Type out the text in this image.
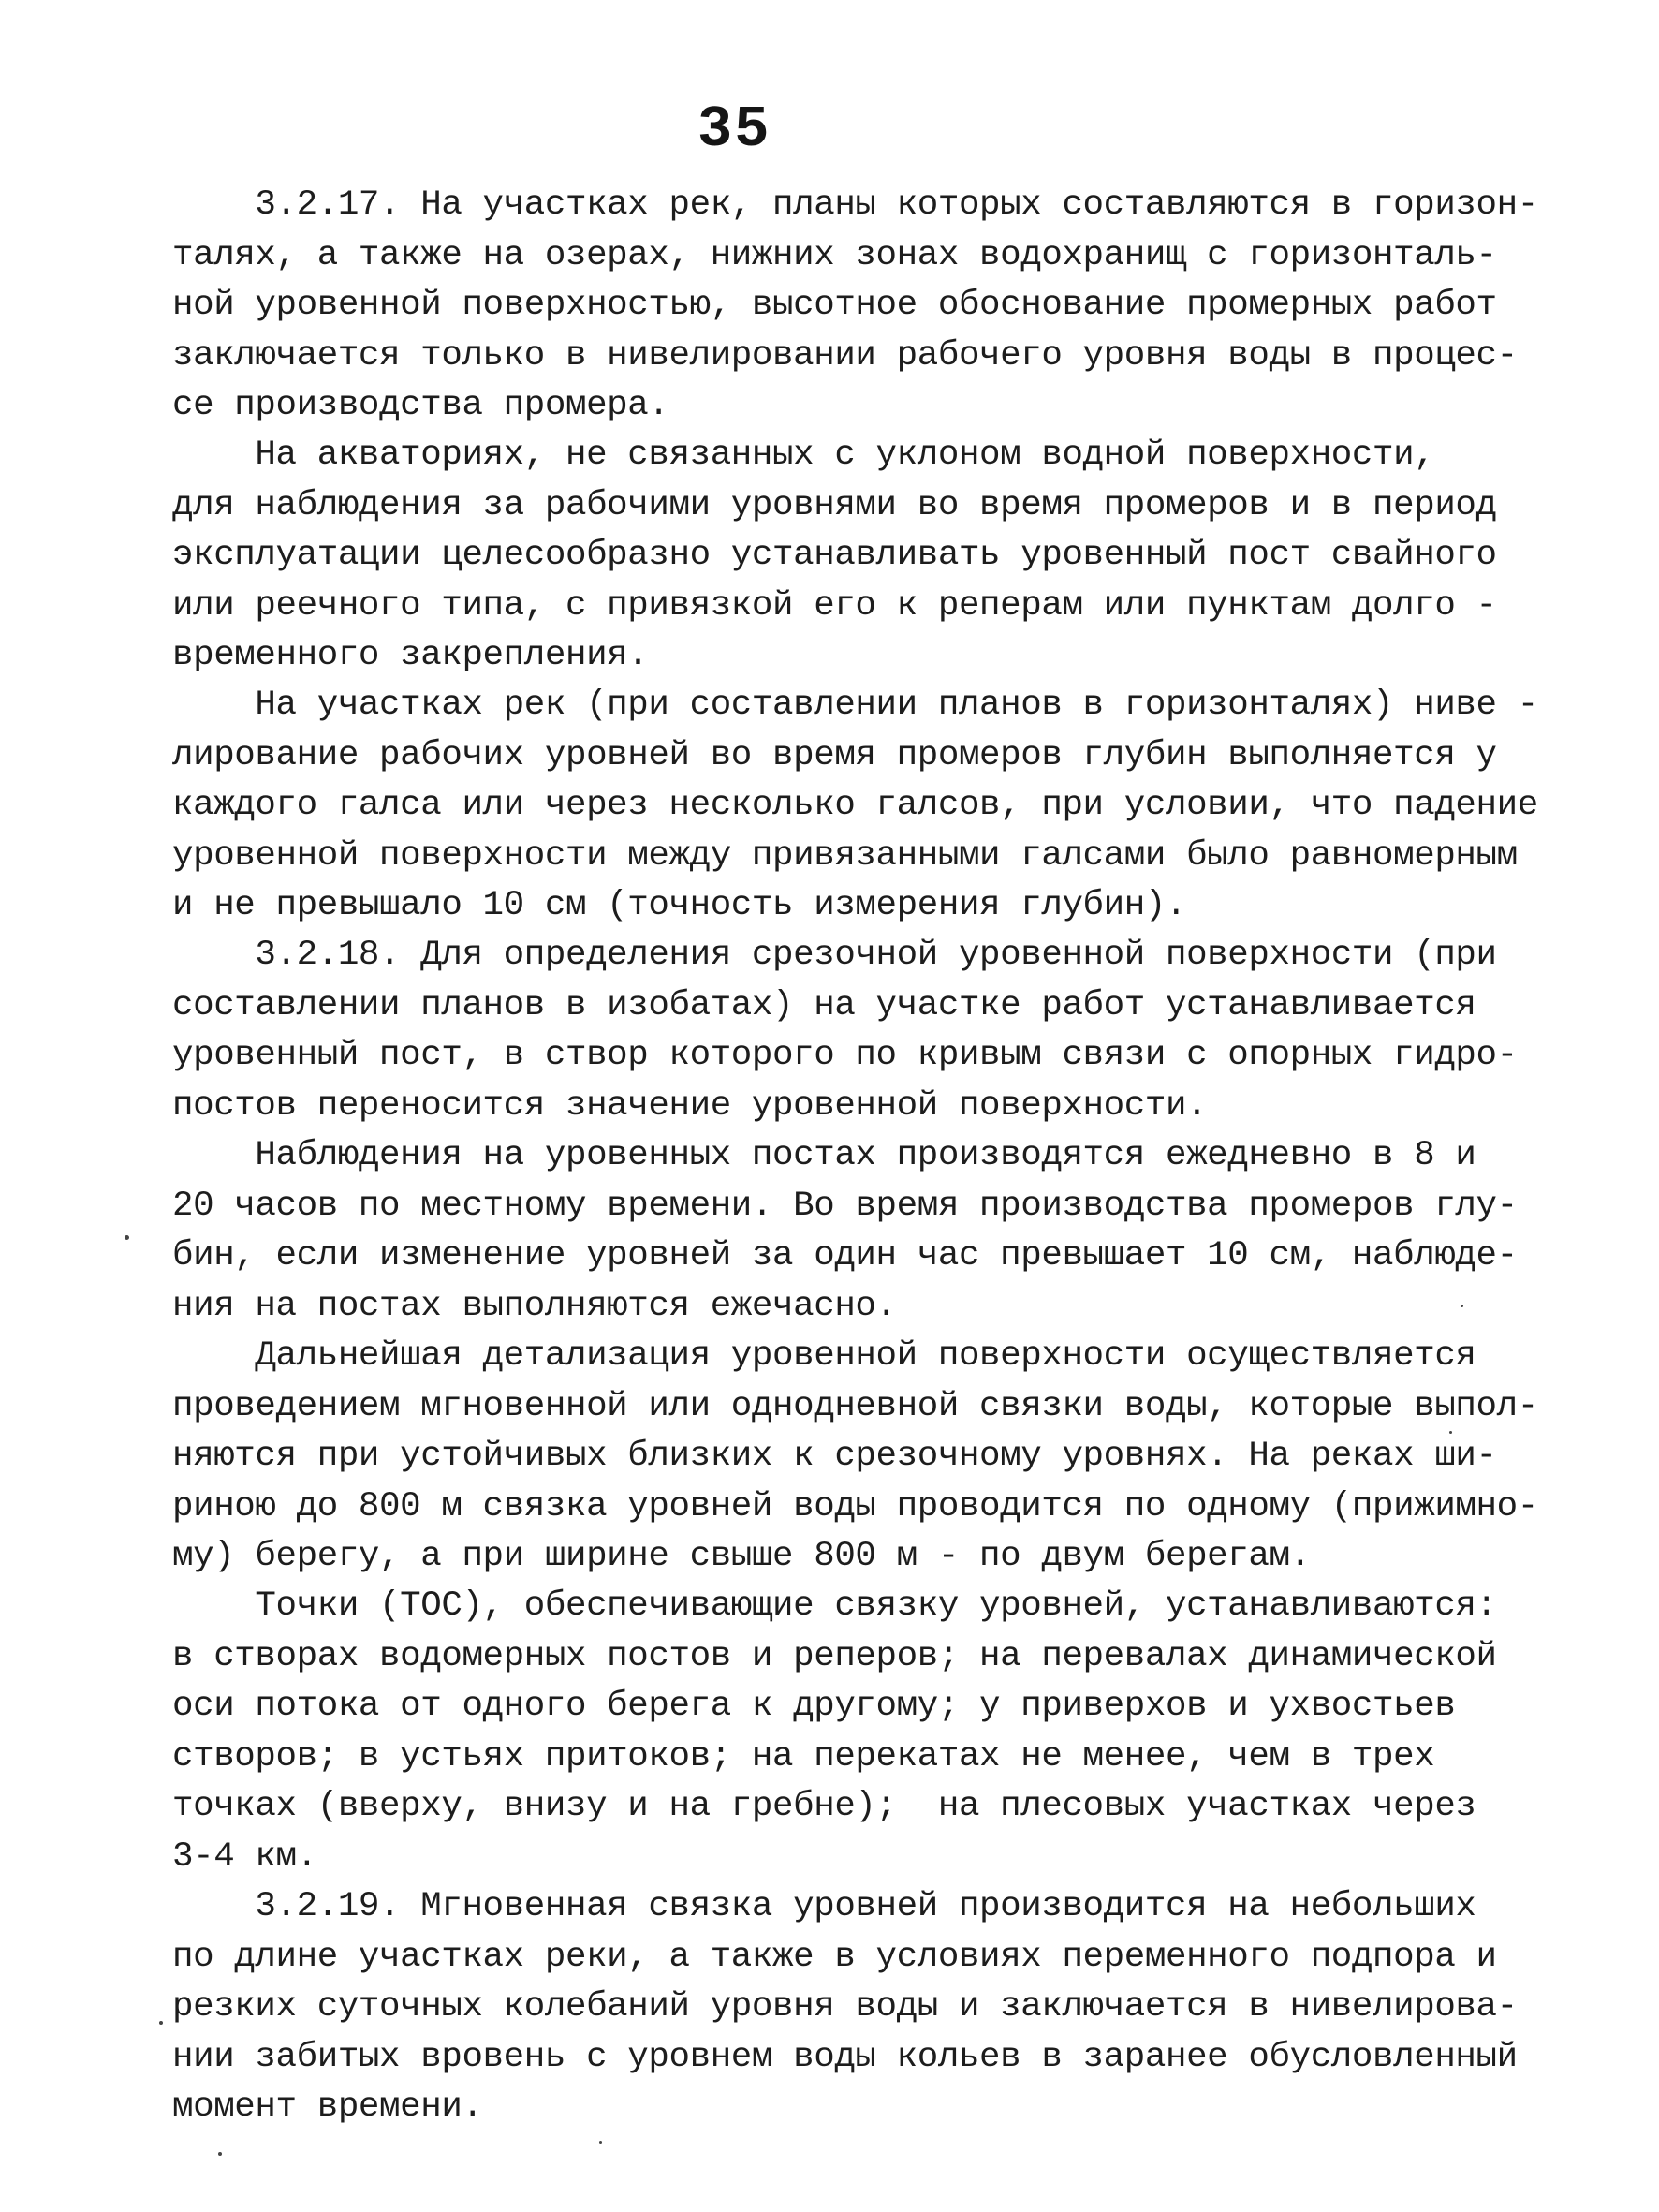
35
3.2.17. На участках рек, планы которых составляются в горизон-
талях, а также на озерах, нижних зонах водохранищ с горизонталь-
ной уровенной поверхностью, высотное обоснование промерных работ
заключается только в нивелировании рабочего уровня воды в процес-
се производства промера.
На акваториях, не связанных с уклоном водной поверхности,
для наблюдения за рабочими уровнями во время промеров и в период
эксплуатации целесообразно устанавливать уровенный пост свайного
или реечного типа, с привязкой его к реперам или пунктам долго -
временного закрепления.
На участках рек (при составлении планов в горизонталях) ниве -
лирование рабочих уровней во время промеров глубин выполняется у
каждого галса или через несколько галсов, при условии, что падение
уровенной поверхности между привязанными галсами было равномерным
и не превышало 10 см (точность измерения глубин).
3.2.18. Для определения срезочной уровенной поверхности (при
составлении планов в изобатах) на участке работ устанавливается
уровенный пост, в створ которого по кривым связи с опорных гидро-
постов переносится значение уровенной поверхности.
Наблюдения на уровенных постах производятся ежедневно в 8 и
20 часов по местному времени. Во время производства промеров глу-
бин, если изменение уровней за один час превышает 10 см, наблюде-
ния на постах выполняются ежечасно.
Дальнейшая детализация уровенной поверхности осуществляется
проведением мгновенной или однодневной связки воды, которые выпол-
няются при устойчивых близких к срезочному уровнях. На реках ши-
риною до 800 м связка уровней воды проводится по одному (прижимно-
му) берегу, а при ширине свыше 800 м - по двум берегам.
Точки (ТОС), обеспечивающие связку уровней, устанавливаются:
в створах водомерных постов и реперов; на перевалах динамической
оси потока от одного берега к другому; у приверхов и ухвостьев
створов; в устьях притоков; на перекатах не менее, чем в трех
точках (вверху, внизу и на гребне);  на плесовых участках через
3-4 км.
3.2.19. Мгновенная связка уровней производится на небольших
по длине участках реки, а также в условиях переменного подпора и
резких суточных колебаний уровня воды и заключается в нивелирова-
нии забитых вровень с уровнем воды кольев в заранее обусловленный
момент времени.
